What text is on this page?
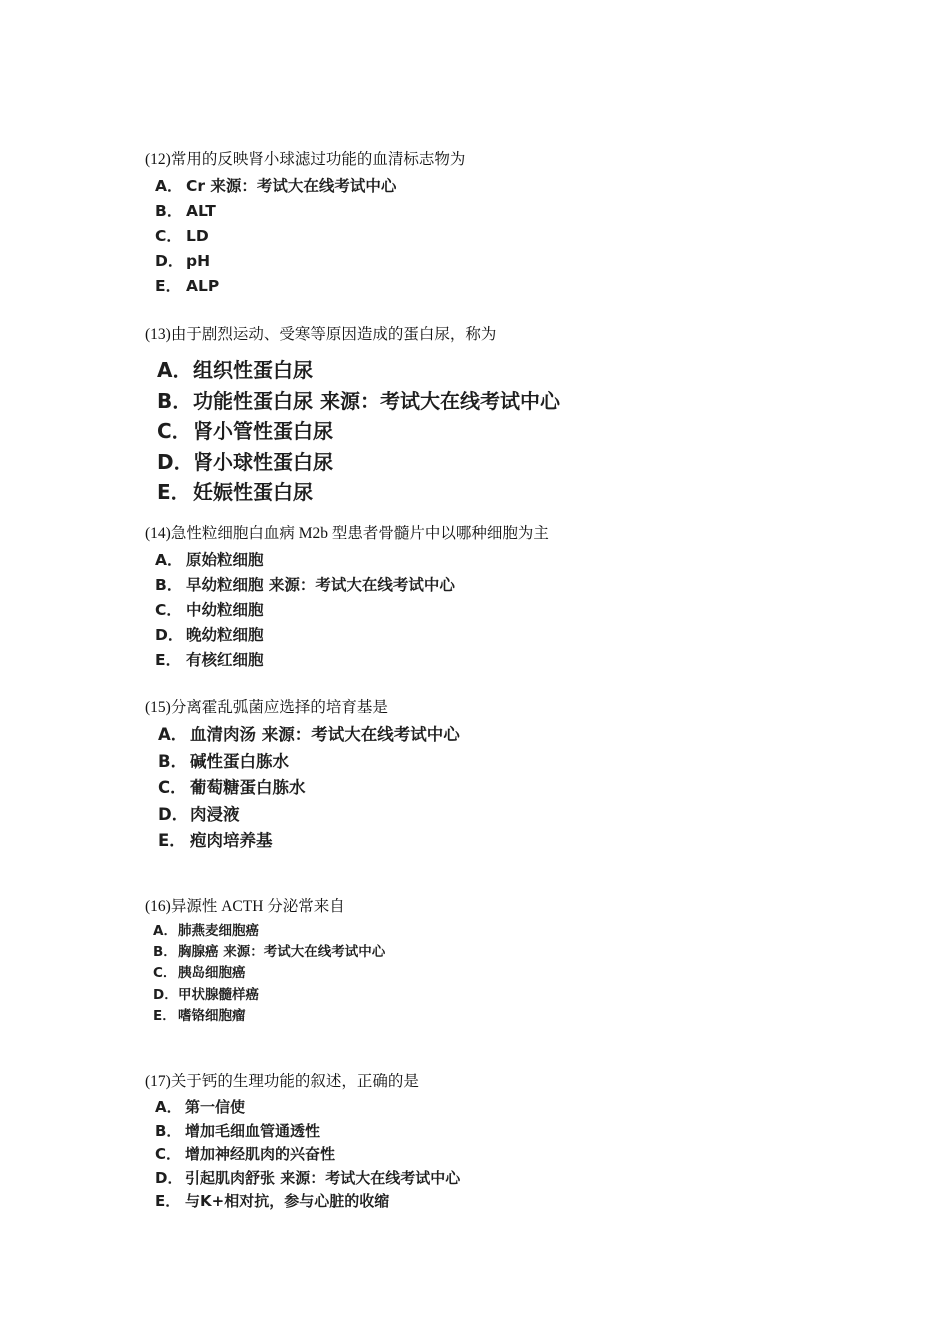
(12)常用的反映肾小球滤过功能的血清标志物为

A． Cr 来源：考试大在线考试中心
B． ALT
C． LD
D． pH
E． ALP

(13)由于剧烈运动、受寒等原因造成的蛋白尿，称为

A．组织性蛋白尿
B．功能性蛋白尿 来源：考试大在线考试中心
C．肾小管性蛋白尿
D．肾小球性蛋白尿
E． 妊娠性蛋白尿

(14)急性粒细胞白血病 M2b 型患者骨髓片中以哪种细胞为主

A． 原始粒细胞
B． 早幼粒细胞 来源：考试大在线考试中心
C． 中幼粒细胞
D． 晚幼粒细胞
E． 有核红细胞

(15)分离霍乱弧菌应选择的培育基是

A． 血清肉汤 来源：考试大在线考试中心
B． 碱性蛋白胨水
C． 葡萄糖蛋白胨水
D． 肉浸液
E． 疱肉培养基

(16)异源性 ACTH 分泌常来自

A．肺燕麦细胞癌
B．胸腺癌 来源：考试大在线考试中心
C． 胰岛细胞癌
D．甲状腺髓样癌
E． 嗜铬细胞瘤

(17)关于钙的生理功能的叙述，正确的是

A． 第一信使
B． 增加毛细血管通透性
C． 增加神经肌肉的兴奋性
D． 引起肌肉舒张 来源：考试大在线考试中心
E． 与K+相对抗，参与心脏的收缩
